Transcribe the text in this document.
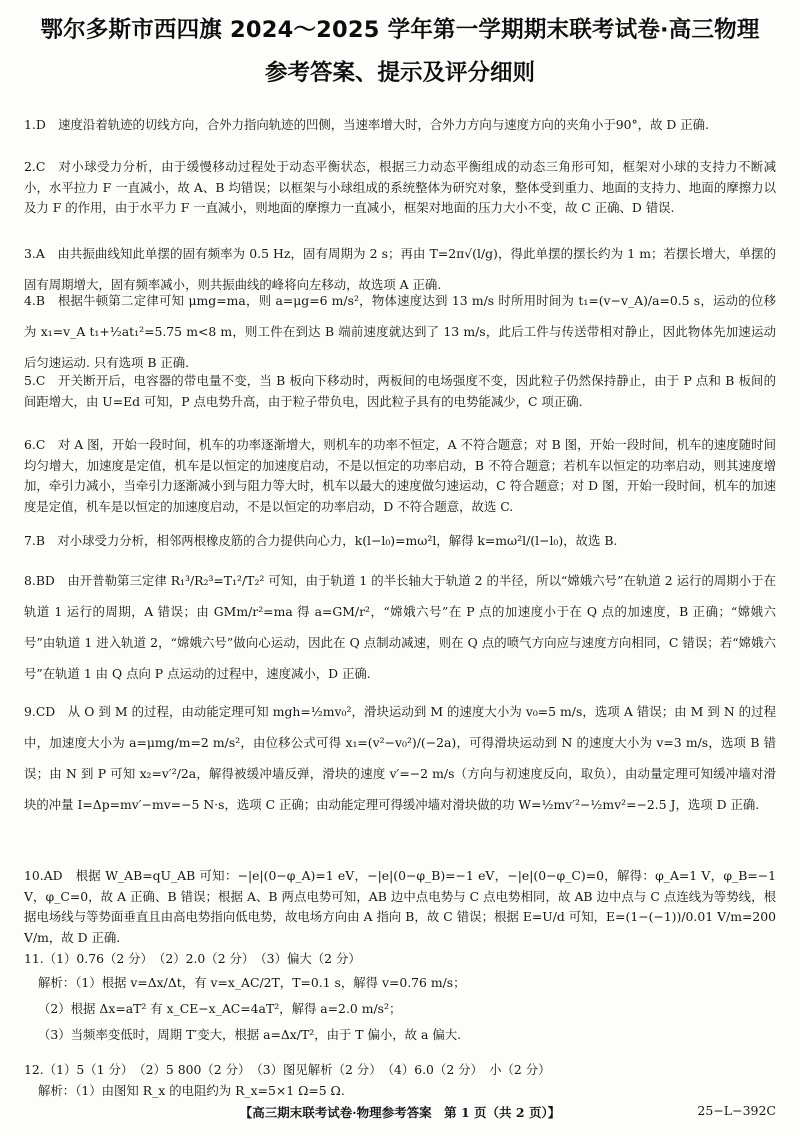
鄂尔多斯市西四旗 2024～2025 学年第一学期期末联考试卷·高三物理
参考答案、提示及评分细则
1.D　速度沿着轨迹的切线方向，合外力指向轨迹的凹侧，当速率增大时，合外力方向与速度方向的夹角小于90°，故 D 正确.
2.C　对小球受力分析，由于缓慢移动过程处于动态平衡状态，根据三力动态平衡组成的动态三角形可知，框架对小球的支持力不断减小，水平拉力 F 一直减小，故 A、B 均错误；以框架与小球组成的系统整体为研究对象，整体受到重力、地面的支持力、地面的摩擦力以及力 F 的作用，由于水平力 F 一直减小，则地面的摩擦力一直减小，框架对地面的压力大小不变，故 C 正确、D 错误.
3.A　由共振曲线知此单摆的固有频率为 0.5 Hz，固有周期为 2 s；再由 T=2π√(l/g)，得此单摆的摆长约为 1 m；若摆长增大，单摆的固有周期增大，固有频率减小，则共振曲线的峰将向左移动，故选项 A 正确.
4.B　根据牛顿第二定律可知 μmg=ma，则 a=μg=6 m/s²，物体速度达到 13 m/s 时所用时间为 t₁=(v−v_A)/a=0.5 s，运动的位移为 x₁=v_A t₁+½at₁²=5.75 m<8 m，则工件在到达 B 端前速度就达到了 13 m/s，此后工件与传送带相对静止，因此物体先加速运动后匀速运动. 只有选项 B 正确.
5.C　开关断开后，电容器的带电量不变，当 B 板向下移动时，两板间的电场强度不变，因此粒子仍然保持静止，由于 P 点和 B 板间的间距增大，由 U=Ed 可知，P 点电势升高，由于粒子带负电，因此粒子具有的电势能减少，C 项正确.
6.C　对 A 图，开始一段时间，机车的功率逐渐增大，则机车的功率不恒定，A 不符合题意；对 B 图，开始一段时间，机车的速度随时间均匀增大，加速度是定值，机车是以恒定的加速度启动，不是以恒定的功率启动，B 不符合题意；若机车以恒定的功率启动，则其速度增加，牵引力减小，当牵引力逐渐减小到与阻力等大时，机车以最大的速度做匀速运动，C 符合题意；对 D 图，开始一段时间，机车的加速度是定值，机车是以恒定的加速度启动，不是以恒定的功率启动，D 不符合题意，故选 C.
7.B　对小球受力分析，相邻两根橡皮筋的合力提供向心力，k(l−l₀)=mω²l，解得 k=mω²l/(l−l₀)，故选 B.
8.BD　由开普勒第三定律 R₁³/R₂³=T₁²/T₂² 可知，由于轨道 1 的半长轴大于轨道 2 的半径，所以“嫦娥六号”在轨道 2 运行的周期小于在轨道 1 运行的周期，A 错误；由 GMm/r²=ma 得 a=GM/r²，“嫦娥六号”在 P 点的加速度小于在 Q 点的加速度，B 正确；“嫦娥六号”由轨道 1 进入轨道 2，“嫦娥六号”做向心运动，因此在 Q 点制动减速，则在 Q 点的喷气方向应与速度方向相同，C 错误；若“嫦娥六号”在轨道 1 由 Q 点向 P 点运动的过程中，速度减小，D 正确.
9.CD　从 O 到 M 的过程，由动能定理可知 mgh=½mv₀²，滑块运动到 M 的速度大小为 v₀=5 m/s，选项 A 错误；由 M 到 N 的过程中，加速度大小为 a=μmg/m=2 m/s²，由位移公式可得 x₁=(v²−v₀²)/(−2a)，可得滑块运动到 N 的速度大小为 v=3 m/s，选项 B 错误；由 N 到 P 可知 x₂=v′²/2a，解得被缓冲墙反弹，滑块的速度 v′=−2 m/s（方向与初速度反向，取负），由动量定理可知缓冲墙对滑块的冲量 I=Δp=mv′−mv=−5 N·s，选项 C 正确；由动能定理可得缓冲墙对滑块做的功 W=½mv′²−½mv²=−2.5 J，选项 D 正确.
10.AD　根据 W_AB=qU_AB 可知：−|e|(0−φ_A)=1 eV，−|e|(0−φ_B)=−1 eV，−|e|(0−φ_C)=0，解得：φ_A=1 V，φ_B=−1 V，φ_C=0，故 A 正确、B 错误；根据 A、B 两点电势可知，AB 边中点电势与 C 点电势相同，故 AB 边中点与 C 点连线为等势线，根据电场线与等势面垂直且由高电势指向低电势，故电场方向由 A 指向 B，故 C 错误；根据 E=U/d 可知，E=(1−(−1))/0.01 V/m=200 V/m，故 D 正确.
11.（1）0.76（2 分）　（2）2.0（2 分）　（3）偏大（2 分）
解析：（1）根据 v=Δx/Δt，有 v=x_AC/2T，T=0.1 s，解得 v=0.76 m/s；
（2）根据 Δx=aT² 有 x_CE−x_AC=4aT²，解得 a=2.0 m/s²；
（3）当频率变低时，周期 T′变大，根据 a=Δx/T²，由于 T 偏小，故 a 偏大.
12.（1）5（1 分）　（2）5 800（2 分）　（3）图见解析（2 分）　（4）6.0（2 分）　小（2 分）
解析：（1）由图知 R_x 的电阻约为 R_x=5×1 Ω=5 Ω.
【高三期末联考试卷·物理参考答案　第 1 页（共 2 页）】	25−L−392C
